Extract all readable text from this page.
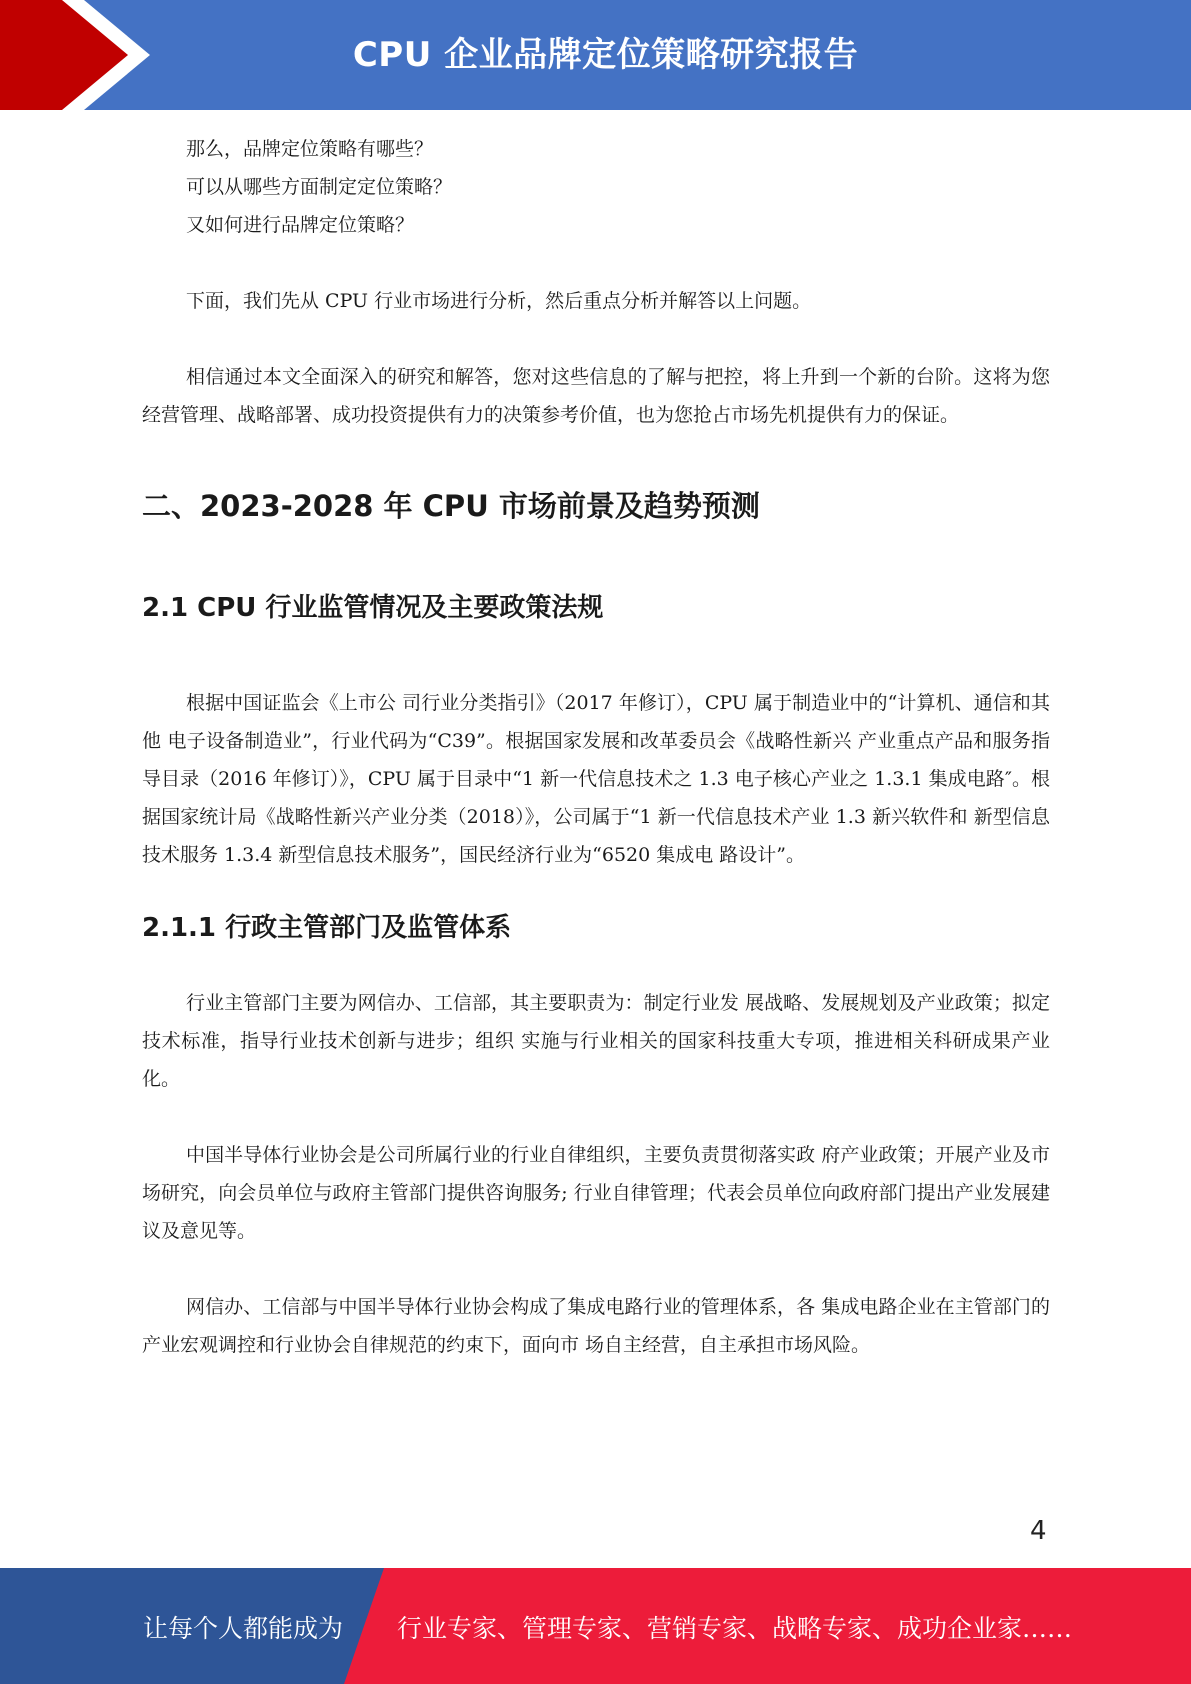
CPU 企业品牌定位策略研究报告

那么，品牌定位策略有哪些？

可以从哪些方面制定定位策略？

又如何进行品牌定位策略？

下面，我们先从 CPU 行业市场进行分析，然后重点分析并解答以上问题。

相信通过本文全面深入的研究和解答，您对这些信息的了解与把控，将上升到一个新的台阶。这将为您经营管理、战略部署、成功投资提供有力的决策参考价值，也为您抢占市场先机提供有力的保证。

二、2023-2028 年 CPU 市场前景及趋势预测
2.1 CPU 行业监管情况及主要政策法规

根据中国证监会《上市公 司行业分类指引》（2017 年修订），CPU 属于制造业中的“计算机、通信和其他 电子设备制造业”，行业代码为“C39”。根据国家发展和改革委员会《战略性新兴 产业重点产品和服务指导目录（2016 年修订）》，CPU 属于目录中“1 新一代信息技术之 1.3 电子核心产业之 1.3.1 集成电路″。根据国家统计局《战略性新兴产业分类（2018）》，公司属于“1 新一代信息技术产业 1.3 新兴软件和 新型信息技术服务 1.3.4 新型信息技术服务”，国民经济行业为“6520 集成电 路设计”。

2.1.1 行政主管部门及监管体系

行业主管部门主要为网信办、工信部，其主要职责为：制定行业发 展战略、发展规划及产业政策；拟定技术标准，指导行业技术创新与进步；组织 实施与行业相关的国家科技重大专项，推进相关科研成果产业化。

中国半导体行业协会是公司所属行业的行业自律组织，主要负责贯彻落实政 府产业政策；开展产业及市场研究，向会员单位与政府主管部门提供咨询服务; 行业自律管理；代表会员单位向政府部门提出产业发展建议及意见等。

网信办、工信部与中国半导体行业协会构成了集成电路行业的管理体系，各 集成电路企业在主管部门的产业宏观调控和行业协会自律规范的约束下，面向市 场自主经营，自主承担市场风险。

4
让每个人都能成为 行业专家、管理专家、营销专家、战略专家、成功企业家……
